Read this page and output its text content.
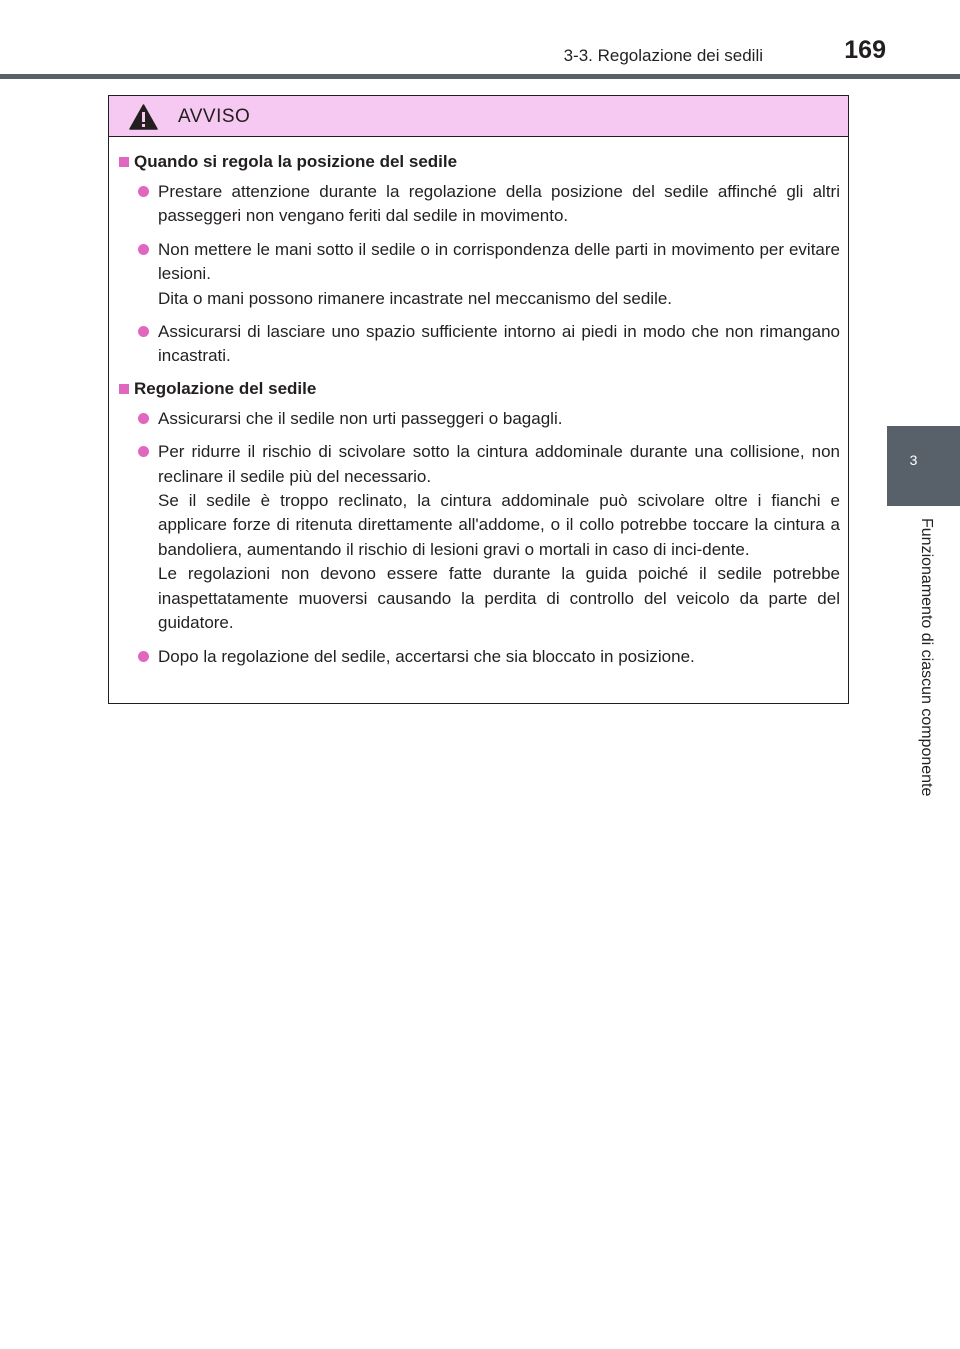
3-3. Regolazione dei sedili	169
3
Funzionamento di ciascun componente
AVVISO
Quando si regola la posizione del sedile

Prestare attenzione durante la regolazione della posizione del sedile affinché gli altri passeggeri non vengano feriti dal sedile in movimento.

Non mettere le mani sotto il sedile o in corrispondenza delle parti in movimento per evitare lesioni.

Dita o mani possono rimanere incastrate nel meccanismo del sedile.

Assicurarsi di lasciare uno spazio sufficiente intorno ai piedi in modo che non rimangano incastrati.

Regolazione del sedile

Assicurarsi che il sedile non urti passeggeri o bagagli.

Per ridurre il rischio di scivolare sotto la cintura addominale durante una collisione, non reclinare il sedile più del necessario.

Se il sedile è troppo reclinato, la cintura addominale può scivolare oltre i fianchi e applicare forze di ritenuta direttamente all'addome, o il collo potrebbe toccare la cintura a bandoliera, aumentando il rischio di lesioni gravi o mortali in caso di inci-dente.

Le regolazioni non devono essere fatte durante la guida poiché il sedile potrebbe inaspettatamente muoversi causando la perdita di controllo del veicolo da parte del guidatore.

Dopo la regolazione del sedile, accertarsi che sia bloccato in posizione.
